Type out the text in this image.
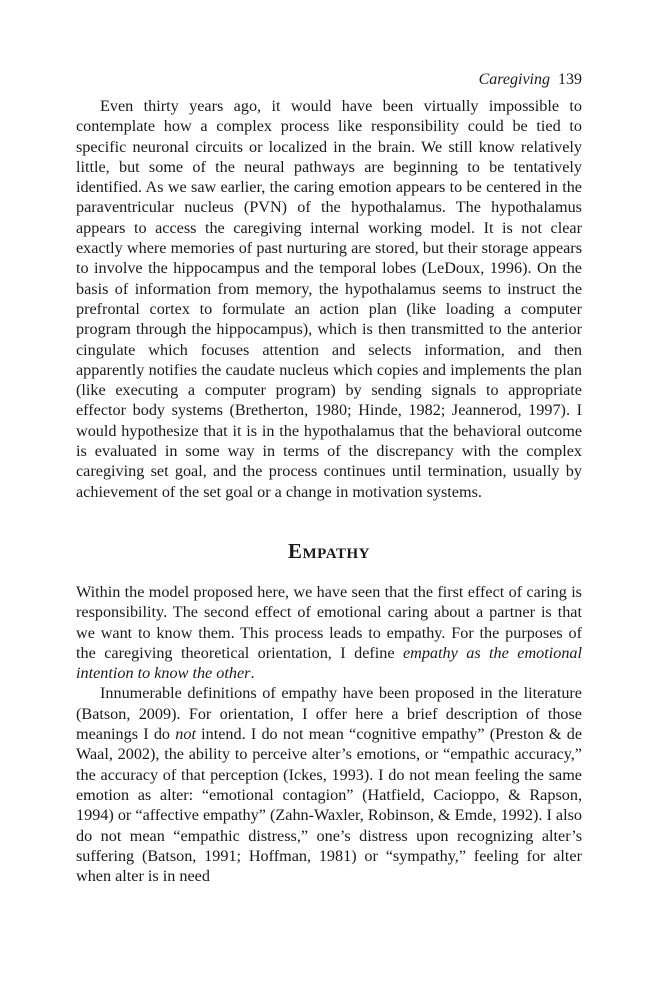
Caregiving 139

Even thirty years ago, it would have been virtually impossible to contemplate how a complex process like responsibility could be tied to specific neuronal circuits or localized in the brain. We still know relatively little, but some of the neural pathways are beginning to be tentatively identified. As we saw earlier, the caring emotion appears to be centered in the paraventricular nucleus (PVN) of the hypothalamus. The hypothalamus appears to access the caregiving internal working model. It is not clear exactly where memories of past nurturing are stored, but their storage appears to involve the hippocampus and the temporal lobes (LeDoux, 1996). On the basis of information from memory, the hypothalamus seems to instruct the prefrontal cortex to formulate an action plan (like loading a computer program through the hippocampus), which is then transmitted to the anterior cingulate which focuses attention and selects information, and then apparently notifies the caudate nucleus which copies and implements the plan (like executing a computer program) by sending signals to appropriate effector body systems (Bretherton, 1980; Hinde, 1982; Jeannerod, 1997). I would hypothesize that it is in the hypothalamus that the behavioral outcome is evaluated in some way in terms of the discrepancy with the complex caregiving set goal, and the process continues until termination, usually by achievement of the set goal or a change in motivation systems.

Empathy

Within the model proposed here, we have seen that the first effect of caring is responsibility. The second effect of emotional caring about a partner is that we want to know them. This process leads to empathy. For the purposes of the caregiving theoretical orientation, I define empathy as the emotional intention to know the other.

Innumerable definitions of empathy have been proposed in the literature (Batson, 2009). For orientation, I offer here a brief description of those meanings I do not intend. I do not mean “cognitive empathy” (Preston & de Waal, 2002), the ability to perceive alter’s emotions, or “empathic accuracy,” the accuracy of that perception (Ickes, 1993). I do not mean feeling the same emotion as alter: “emotional contagion” (Hatfield, Cacioppo, & Rapson, 1994) or “affective empathy” (Zahn-Waxler, Robinson, & Emde, 1992). I also do not mean “empathic distress,” one’s distress upon recognizing alter’s suffering (Batson, 1991; Hoffman, 1981) or “sympathy,” feeling for alter when alter is in need
